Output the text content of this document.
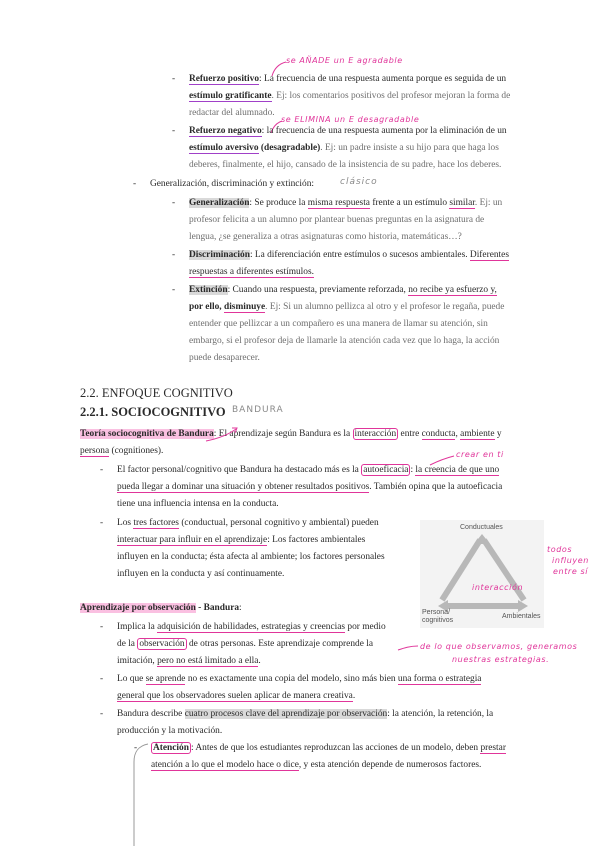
se AÑADE un E agradable
se ELIMINA un E desagradable
- Refuerzo positivo: La frecuencia de una respuesta aumenta porque es seguida de un
estímulo gratificante. Ej: los comentarios positivos del profesor mejoran la forma de
redactar del alumnado.
- Refuerzo negativo: la frecuencia de una respuesta aumenta por la eliminación de un
estímulo aversivo (desagradable). Ej: un padre insiste a su hijo para que haga los
deberes, finalmente, el hijo, cansado de la insistencia de su padre, hace los deberes.
- Generalización, discriminación y extinción:	clásico
- Generalización: Se produce la misma respuesta frente a un estímulo similar. Ej: un
profesor felicita a un alumno por plantear buenas preguntas en la asignatura de
lengua, ¿se generaliza a otras asignaturas como historia, matemáticas…?
- Discriminación: La diferenciación entre estímulos o sucesos ambientales. Diferentes
respuestas a diferentes estímulos.
- Extinción: Cuando una respuesta, previamente reforzada, no recibe ya esfuerzo y,
por ello, disminuye. Ej: Si un alumno pellizca al otro y el profesor le regaña, puede
entender que pellizcar a un compañero es una manera de llamar su atención, sin
embargo, si el profesor deja de llamarle la atención cada vez que lo haga, la acción
puede desaparecer.
2.2. ENFOQUE COGNITIVO
2.2.1. SOCIOCOGNITIVO BANDURA
Teoría sociocognitiva de Bandura: El aprendizaje según Bandura es la interacción entre conducta, ambiente y
persona (cognitiones).	crear en ti
- El factor personal/cognitivo que Bandura ha destacado más es la autoeficacia : la creencia de que uno
pueda llegar a dominar una situación y obtener resultados positivos. También opina que la autoeficacia
tiene una influencia intensa en la conducta.
- Los tres factores (conductual, personal cognitivo y ambiental) pueden
interactuar para influir en el aprendizaje: Los factores ambientales
influyen en la conducta; ésta afecta al ambiente; los factores personales
influyen en la conducta y así continuamente.
Conductuales
Persona/
cognitivos
Ambientales
interacción
todos
influyen
entre sí
Aprendizaje por observación - Bandura:
- Implica la adquisición de habilidades, estrategias y creencias por medio
de la observación de otras personas. Este aprendizaje comprende la
imitación, pero no está limitado a ella.
de lo que observamos, generamos
nuestras estrategias.
- Lo que se aprende no es exactamente una copia del modelo, sino más bien una forma o estrategia
general que los observadores suelen aplicar de manera creativa.
- Bandura describe cuatro procesos clave del aprendizaje por observación: la atención, la retención, la
producción y la motivación.
- Atención : Antes de que los estudiantes reproduzcan las acciones de un modelo, deben prestar
atención a lo que el modelo hace o dice, y esta atención depende de numerosos factores.
